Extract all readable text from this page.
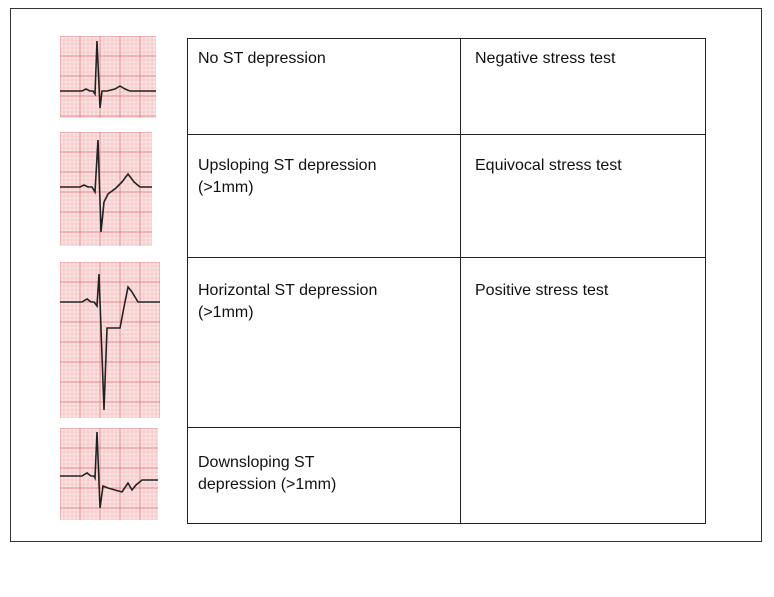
No ST depression	Negative stress test
Upsloping ST depression (>1mm)
Equivocal stress test
Horizontal ST depression (>1mm)
Positive stress test
Downsloping ST depression (>1mm)
